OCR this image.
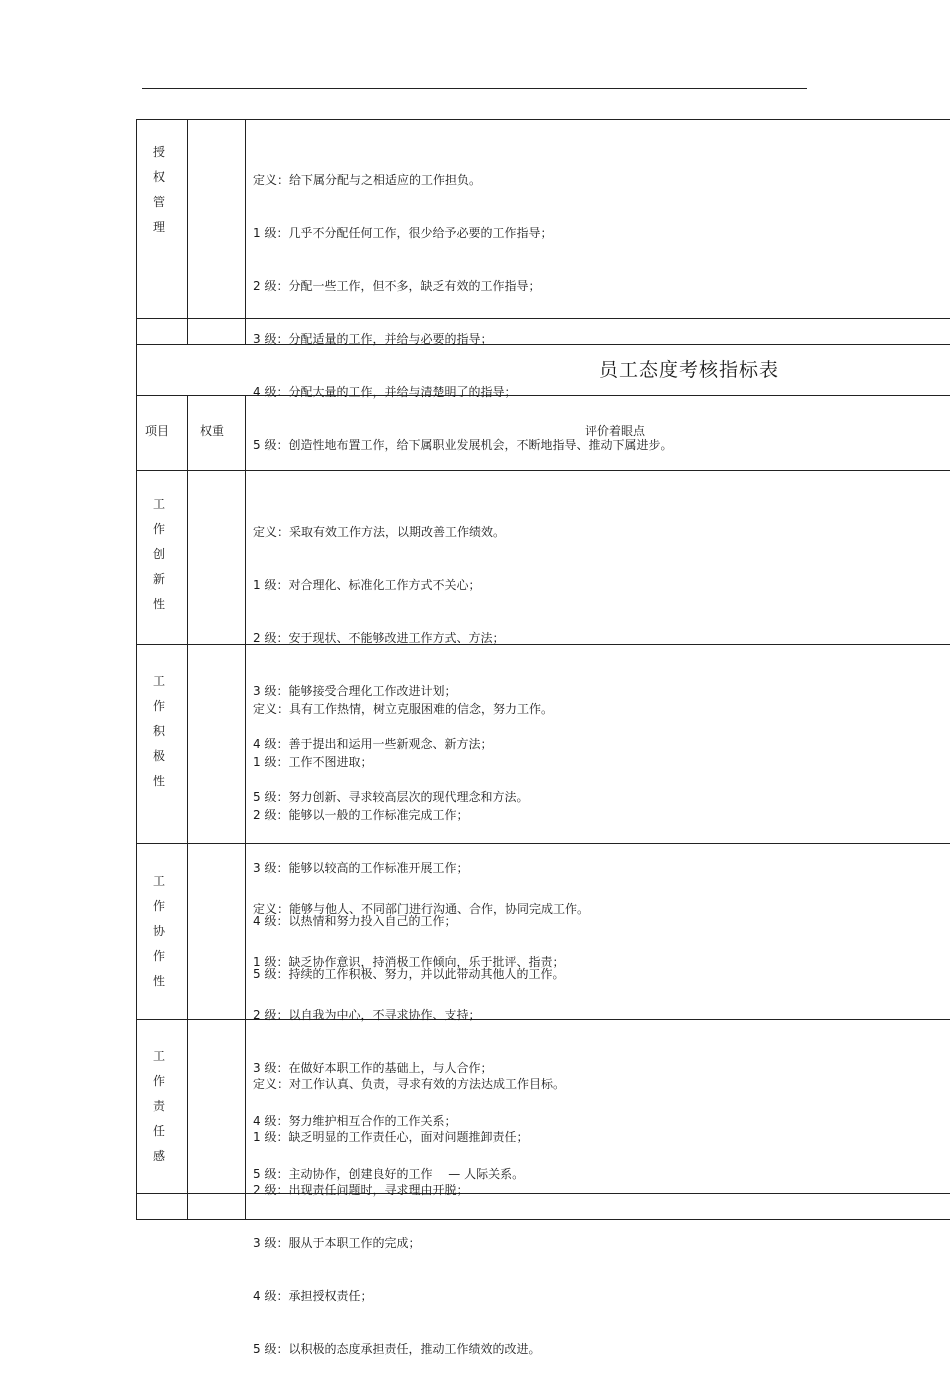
授
权
管
理

定义：给下属分配与之相适应的工作担负。

1 级：几乎不分配任何工作，很少给予必要的工作指导；

2 级：分配一些工作，但不多，缺乏有效的工作指导；

3 级：分配适量的工作，并给与必要的指导；

4 级：分配大量的工作，并给与清楚明了的指导；

5 级：创造性地布置工作，给下属职业发展机会，不断地指导、推动下属进步。

员工态度考核指标表
项目	权重	评价着眼点
工
作
创
新
性

定义：采取有效工作方法，以期改善工作绩效。

1 级：对合理化、标准化工作方式不关心；

2 级：安于现状、不能够改进工作方式、方法；

3 级：能够接受合理化工作改进计划；

4 级：善于提出和运用一些新观念、新方法；

5 级：努力创新、寻求较高层次的现代理念和方法。

工
作
积
极
性

定义：具有工作热情，树立克服困难的信念，努力工作。

1 级：工作不图进取；

2 级：能够以一般的工作标准完成工作；

3 级：能够以较高的工作标准开展工作；

4 级：以热情和努力投入自己的工作；

5 级：持续的工作积极、努力，并以此带动其他人的工作。

工
作
协
作
性

定义：能够与他人、不同部门进行沟通、合作，协同完成工作。

1 级：缺乏协作意识，持消极工作倾向，乐于批评、指责；

2 级：以自我为中心，不寻求协作、支持；

3 级：在做好本职工作的基础上，与人合作；

4 级：努力维护相互合作的工作关系；

5 级：主动协作，创建良好的工作　 — 人际关系。

工
作
责
任
感

定义：对工作认真、负责，寻求有效的方法达成工作目标。

1 级：缺乏明显的工作责任心，面对问题推卸责任；

2 级：出现责任问题时，寻求理由开脱；

3 级：服从于本职工作的完成；

4 级：承担授权责任；

5 级：以积极的态度承担责任，推动工作绩效的改进。
